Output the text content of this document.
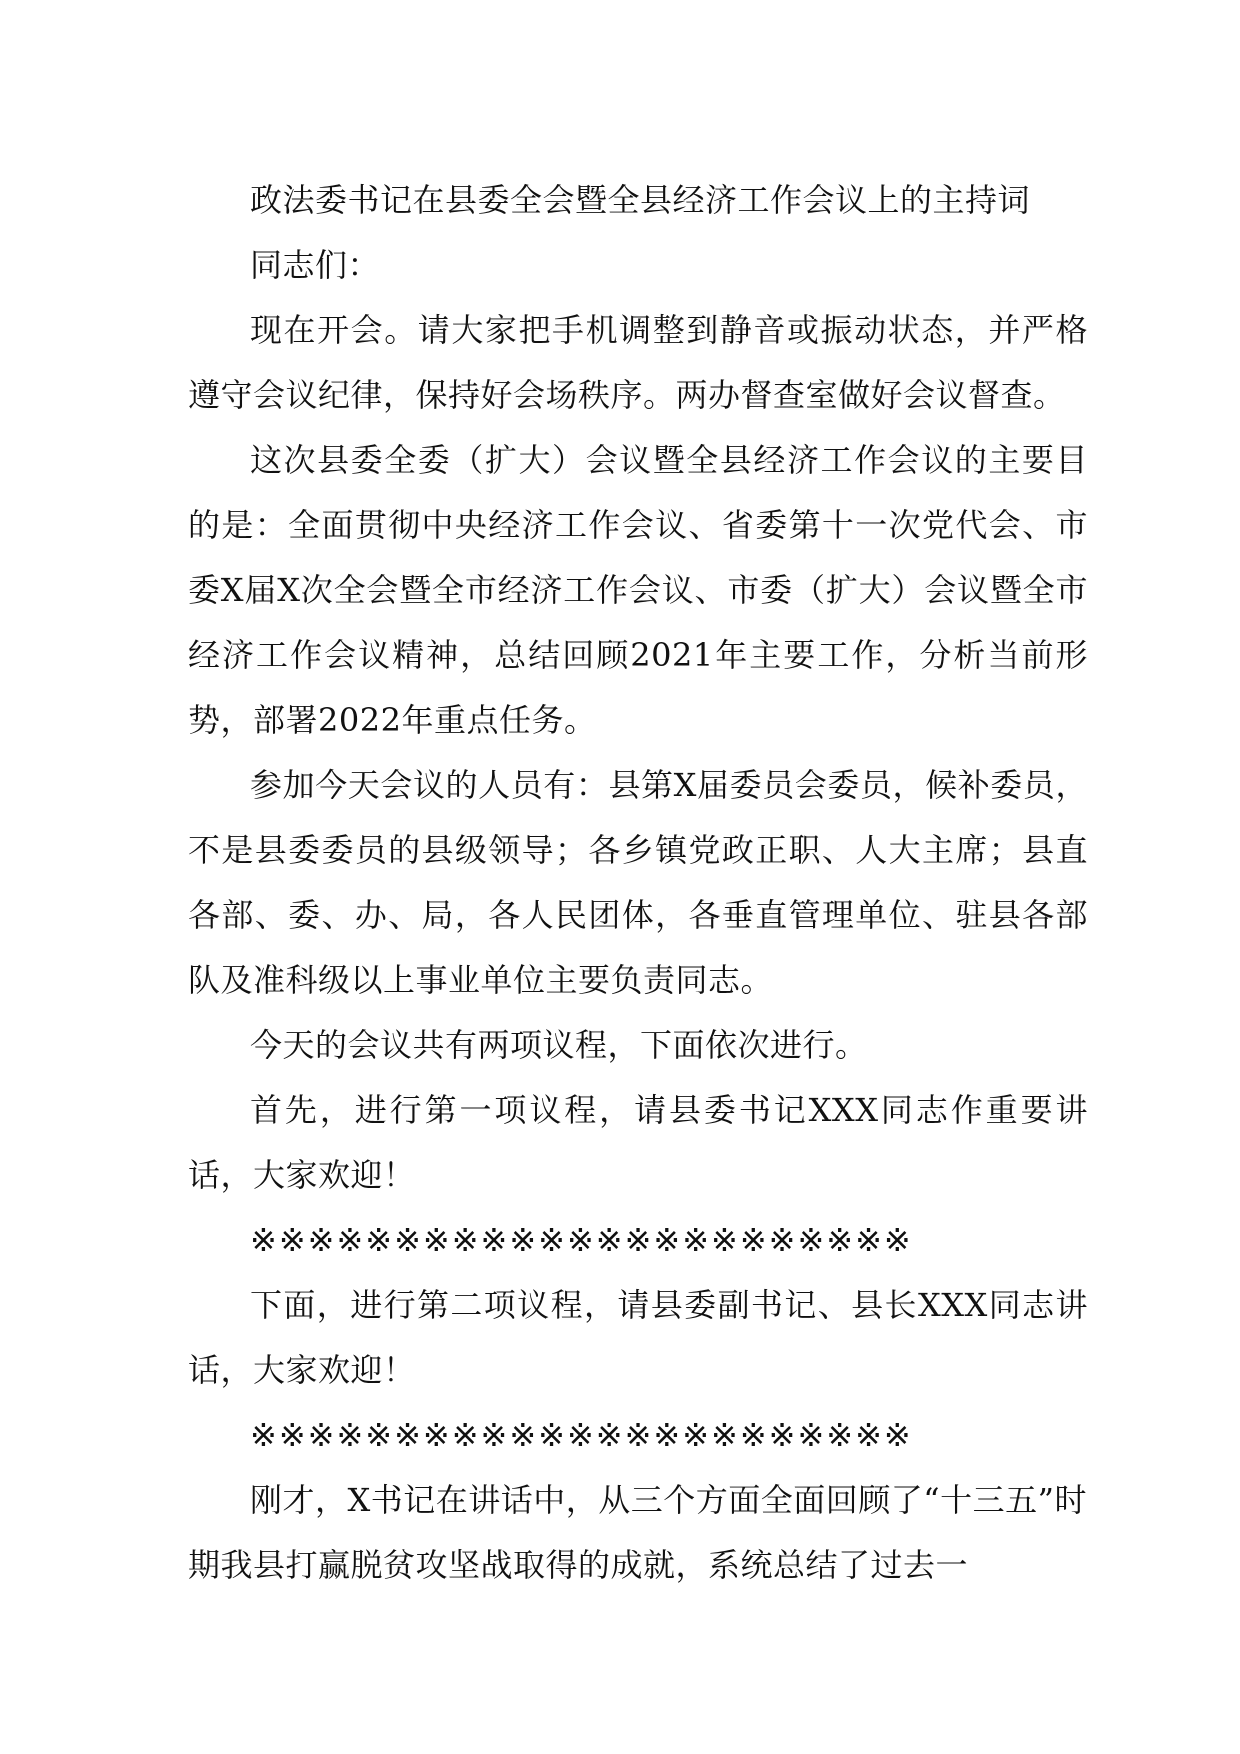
政法委书记在县委全会暨全县经济工作会议上的主持词

同志们：

现在开会。请大家把手机调整到静音或振动状态，并严格遵守会议纪律，保持好会场秩序。两办督查室做好会议督查。

这次县委全委（扩大）会议暨全县经济工作会议的主要目的是：全面贯彻中央经济工作会议、省委第十一次党代会、市委X届X次全会暨全市经济工作会议、市委（扩大）会议暨全市经济工作会议精神，总结回顾2021年主要工作，分析当前形势，部署2022年重点任务。

参加今天会议的人员有：县第X届委员会委员，候补委员，不是县委委员的县级领导；各乡镇党政正职、人大主席；县直各部、委、办、局，各人民团体，各垂直管理单位、驻县各部队及准科级以上事业单位主要负责同志。

今天的会议共有两项议程，下面依次进行。

首先，进行第一项议程，请县委书记XXX同志作重要讲话，大家欢迎！

※※※※※※※※※※※※※※※※※※※※※※※

下面，进行第二项议程，请县委副书记、县长XXX同志讲话，大家欢迎！

※※※※※※※※※※※※※※※※※※※※※※※

刚才，X书记在讲话中，从三个方面全面回顾了“十三五”时期我县打赢脱贫攻坚战取得的成就，系统总结了过去一
